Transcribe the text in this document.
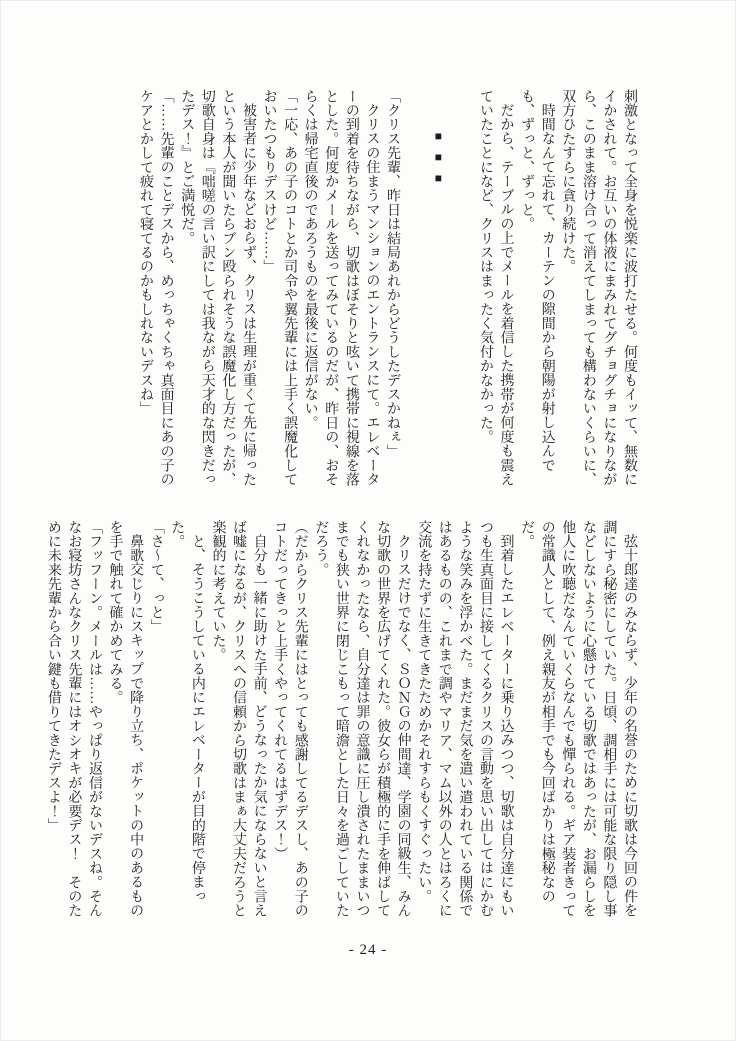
刺激となって全身を悦楽に波打たせる。何度もイッて、無数にイかされて。お互いの体液にまみれてグチョグチョになりながら、このまま溶け合って消えてしまっても構わないくらいに、双方ひたすらに貪り続けた。

時間なんて忘れて、カーテンの隙間から朝陽が射し込んでも、ずっと、ずっと。

だから、テーブルの上でメールを着信した携帯が何度も震えていたことになど、クリスはまったく気付かなかった。

■■■

「クリス先輩、昨日は結局あれからどうしたデスかねぇ」

クリスの住まうマンションのエントランスにて。エレベーターの到着を待ちながら、切歌はぼそりと呟いて携帯に視線を落とした。何度かメールを送ってみているのだが、昨日の、おそらくは帰宅直後のであろうものを最後に返信がない。

「一応、あの子のコトとか司令や翼先輩には上手く誤魔化しておいたつもりデスけど……」

被害者に少年などおらず、クリスは生理が重くて先に帰ったという本人が聞いたらブン殴られそうな誤魔化し方だったが、切歌自身は『咄嗟の言い訳にしては我ながら天才的な閃きだったデス！』とご満悦だ。

「……先輩のことデスから、めっちゃくちゃ真面目にあの子のケアとかして疲れて寝てるのかもしれないデスね」

弦十郎達のみならず、少年の名誉のために切歌は今回の件を調にすら秘密にしていた。日頃、調相手には可能な限り隠し事などしないように心懸けている切歌ではあったが、お漏らしを他人に吹聴だなんていくらなんでも憚られる。ギア装者きっての常識人として、例え親友が相手でも今回ばかりは極秘なのだ。

到着したエレベーターに乗り込みつつ、切歌は自分達にもいつも生真面目に接してくるクリスの言動を思い出してはにかむような笑みを浮かべた。まだまだ気を遣い遣われている関係ではあるものの、これまで調やマリア、マム以外の人とはろくに交流を持たずに生きてきたためかそれすらもくすぐったい。

クリスだけでなく、ＳＯＮＧの仲間達、学園の同級生、みんな切歌の世界を広げてくれた。彼女らが積極的に手を伸ばしてくれなかったなら、自分達は罪の意識に圧し潰されたままいつまでも狭い世界に閉じこもって暗澹とした日々を過ごしていただろう。

（だからクリス先輩にはとっても感謝してるデスし、あの子のコトだってきっと上手くやってくれてるはずデス！）

自分も一緒に助けた手前、どうなったか気にならないと言えば嘘になるが、クリスへの信頼から切歌はまぁ大丈夫だろうと楽観的に考えていた。

と、そうこうしている内にエレベーターが目的階で停まった。

「さ〜て、っと」

鼻歌交じりにスキップで降り立ち、ポケットの中のあるものを手で触れて確かめてみる。

「フッフーン。メールは……やっぱり返信がないデスね。そんなお寝坊さんなクリス先輩にはオシオキが必要デス！　そのために未来先輩から合い鍵も借りてきたデスよ！」

- 24 -
